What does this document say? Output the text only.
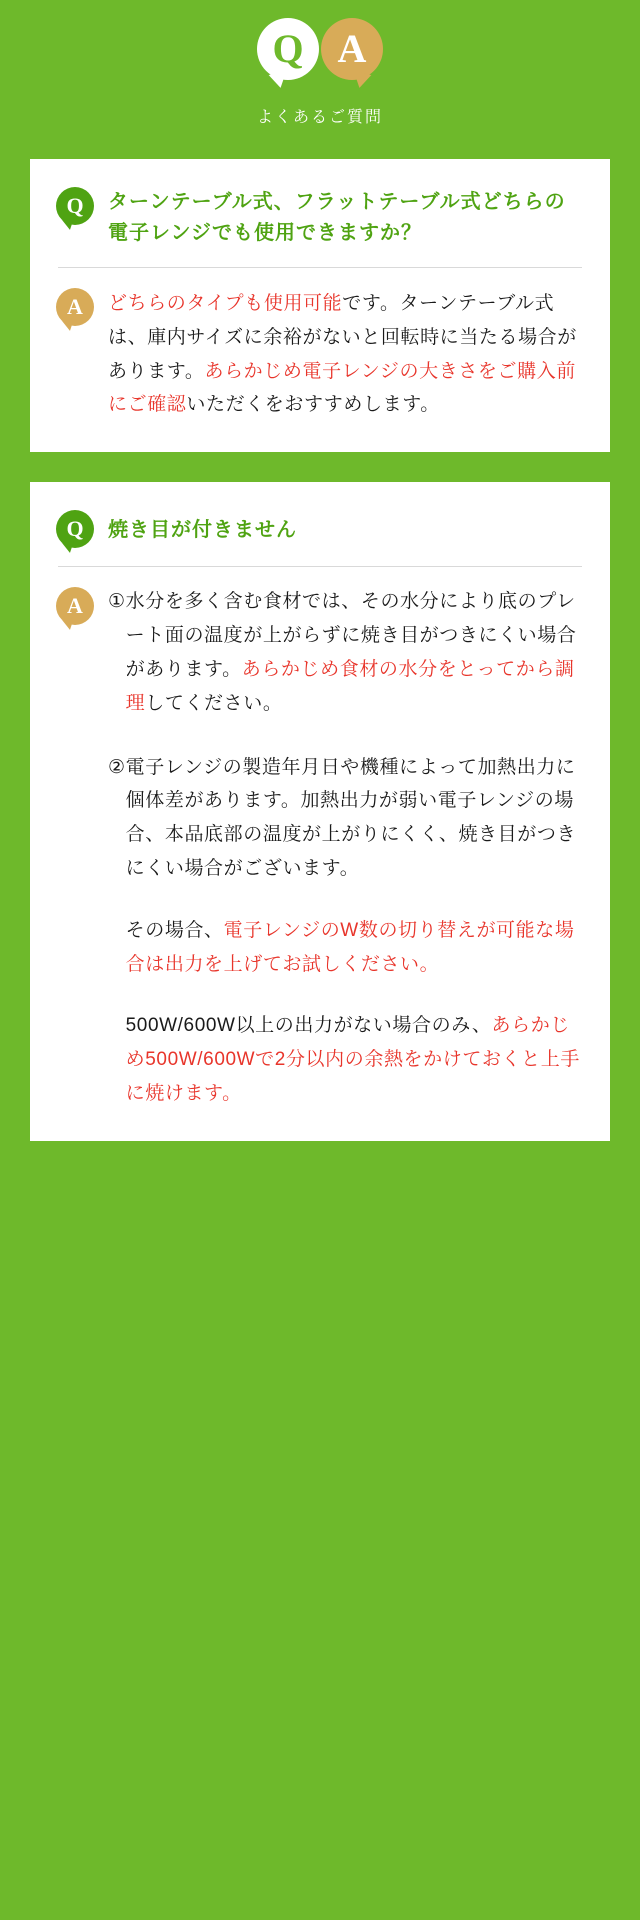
Q A
よくあるご質問
Q ターンテーブル式、フラットテーブル式どちらの電子レンジでも使用できますか？
A どちらのタイプも使用可能です。ターンテーブル式は、庫内サイズに余裕がないと回転時に当たる場合があります。あらかじめ電子レンジの大きさをご購入前にご確認いただくをおすすめします。
Q 焼き目が付きません
A ① 水分を多く含む食材では、その水分により底のプレート面の温度が上がらずに焼き目がつきにくい場合があります。あらかじめ食材の水分をとってから調理してください。
② 電子レンジの製造年月日や機種によって加熱出力に個体差があります。加熱出力が弱い電子レンジの場合、本品底部の温度が上がりにくく、焼き目がつきにくい場合がございます。
その場合、電子レンジのW数の切り替えが可能な場合は出力を上げてお試しください。
500W/600W以上の出力がない場合のみ、あらかじめ500W/600Wで2分以内の余熱をかけておくと上手に焼けます。
